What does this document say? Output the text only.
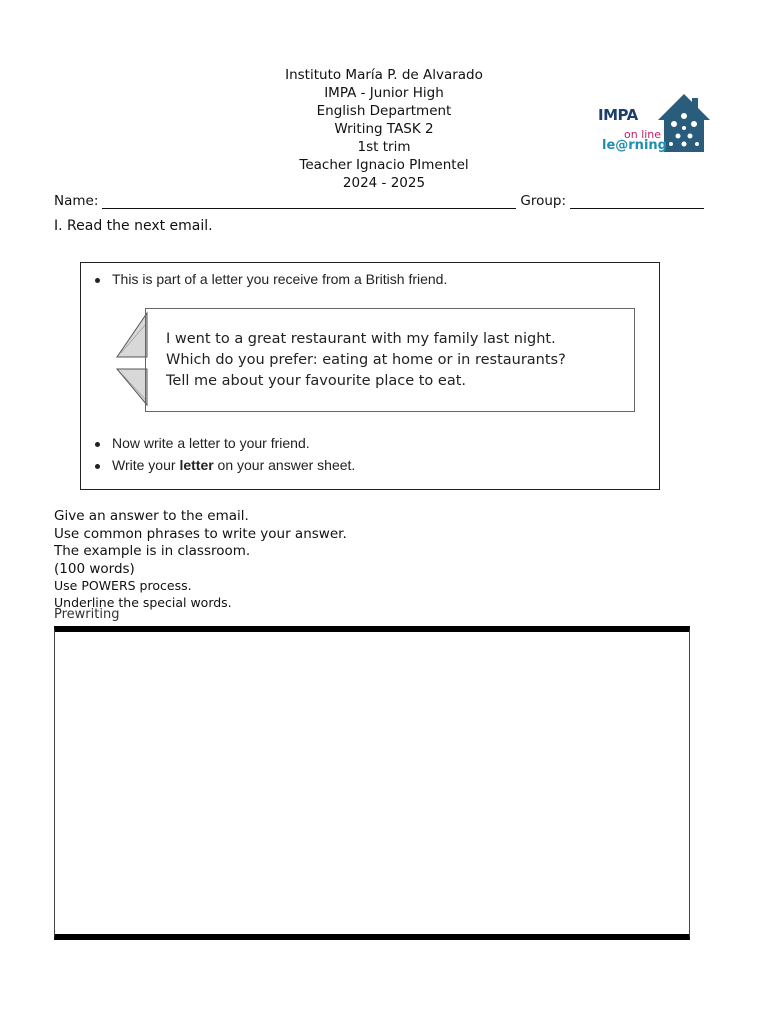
Instituto María P. de Alvarado
IMPA - Junior High
English Department
Writing TASK 2
1st trim
Teacher Ignacio PImentel
2024 - 2025
IMPA
on line
le@rning
Name:	Group:
I. Read the next email.
This is part of a letter you receive from a British friend.
I went to a great restaurant with my family last night.
Which do you prefer: eating at home or in restaurants?
Tell me about your favourite place to eat.
Now write a letter to your friend.
Write your letter on your answer sheet.
Give an answer to the email.
Use common phrases to write your answer.
The example is in classroom.
(100 words)
Use POWERS process.
Underline the special words.
Prewriting
